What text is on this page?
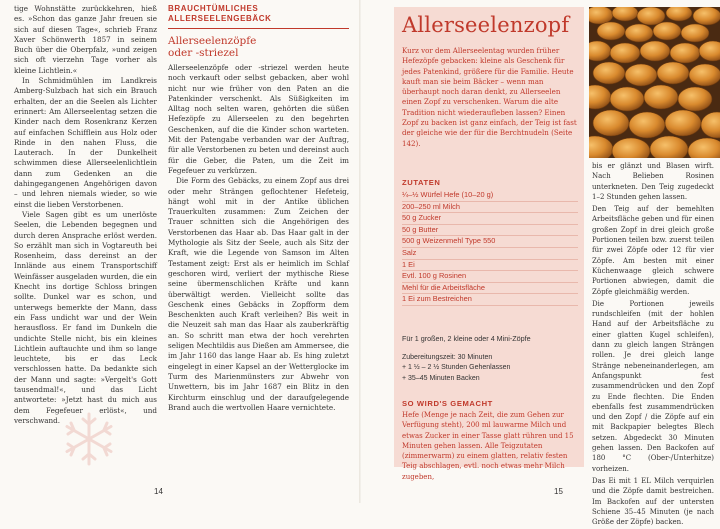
tige Wohnstätte zurückkehren, hieß es. »Schon das ganze Jahr freuen sie sich auf diesen Tage«, schrieb Franz Xaver Schönwerth 1857 in seinem Buch über die Oberpfalz, »und zeigen sich oft vierzehn Tage vorher als kleine Lichtlein.«

In Schmidmühlen im Landkreis Amberg-Sulzbach hat sich ein Brauch erhalten, der an die Seelen als Lichter erinnert: Am Allerseelentag setzen die Kinder nach dem Rosenkranz Kerzen auf einfachen Schifflein aus Holz oder Rinde in den nahen Fluss, die Lauterach. In der Dunkelheit schwimmen diese Allerseelenlichtlein dann zum Gedenken an die dahingegangenen Angehörigen davon – und lehren niemals wieder, so wie einst die lieben Verstorbenen.

Viele Sagen gibt es um unerlöste Seelen, die Lebenden begegnen und durch deren Ansprache erlöst werden. So erzählt man sich in Vogtareuth bei Rosenheim, dass dereinst an der Innlände aus einem Transportschiff Weinfässer ausgeladen wurden, die ein Knecht ins dortige Schloss bringen sollte. Dunkel war es schon, und unterwegs bemerkte der Mann, dass ein Fass undicht war und der Wein herausfloss. Er fand im Dunkeln die undichte Stelle nicht, bis ein kleines Lichtlein auftauchte und ihm so lange leuchtete, bis er das Leck verschlossen hatte. Da bedankte sich der Mann und sagte: »Vergelt's Gott tausendmal!«, und das Licht antwortete: »Jetzt hast du mich aus dem Fegefeuer erlöst«, und verschwand.

BRAUCHTÜMLICHES
ALLERSEELENGEBÄCK
Allerseelenzöpfe
oder -striezel

Allerseelenzöpfe oder -striezel werden heute noch verkauft oder selbst gebacken, aber wohl nicht nur wie früher von den Paten an die Patenkinder verschenkt. Als Süßigkeiten im Alltag noch selten waren, gehörten die süßen Hefezöpfe zu Allerseelen zu den begehrten Geschenken, auf die die Kinder schon warteten. Mit der Patengabe verbanden war der Auftrag, für alle Verstorbenen zu beten und dereinst auch für die Geber, die Paten, um die Zeit im Fegefeuer zu verkürzen.

Die Form des Gebäcks, zu einem Zopf aus drei oder mehr Strängen geflochtener Hefeteig, hängt wohl mit in der Antike üblichen Trauerkulten zusammen: Zum Zeichen der Trauer schnitten sich die Angehörigen des Verstorbenen das Haar ab. Das Haar galt in der Mythologie als Sitz der Seele, auch als Sitz der Kraft, wie die Legende von Samson im Alten Testament zeigt: Erst als er heimlich im Schlaf geschoren wird, verliert der mythische Riese seine übermenschlichen Kräfte und kann überwältigt werden. Vielleicht sollte das Geschenk eines Gebäcks in Zopfform dem Beschenkten auch Kraft verleihen? Bis weit in die Neuzeit sah man das Haar als zauberkräftig an. So schritt man etwa der hoch verehrten seligen Mechtildis aus Dießen am Ammersee, die im Jahr 1160 das lange Haar ab. Es hing zuletzt eingelegt in einer Kapsel an der Wetterglocke im Turm des Marienmünsters zur Abwehr von Unwettern, bis im Jahr 1687 ein Blitz in den Kirchturm einschlug und der daraufgelegende Brand auch die wertvollen Haare vernichtete.

14
Allerseelenzopf
Kurz vor dem Allerseelentag wurden früher Hefezöpfe gebacken: kleine als Geschenk für jedes Patenkind, größere für die Familie. Heute kauft man sie beim Bäcker – wenn man überhaupt noch daran denkt, zu Allerseelen einen Zopf zu verschenken. Warum die alte Tradition nicht wiederaufleben lassen? Einen Zopf zu backen ist ganz einfach, der Teig ist fast der gleiche wie der für die Berchtnudeln (Seite 142).
ZUTATEN
¼–½ Würfel Hefe (10–20 g)
200–250 ml Milch
50 g Zucker
50 g Butter
500 g Weizenmehl Type 550
Salz
1 Ei
Evtl. 100 g Rosinen
Mehl für die Arbeitsfläche
1 Ei zum Bestreichen
Für 1 großen, 2 kleine oder 4 Mini-Zöpfe
Zubereitungszeit: 30 Minuten
+ 1 ½ – 2 ½ Stunden Gehenlassen
+ 35–45 Minuten Backen
SO WIRD'S GEMACHT
Hefe (Menge je nach Zeit, die zum Gehen zur Verfügung steht), 200 ml lauwarme Milch und etwas Zucker in einer Tasse glatt rühren und 15 Minuten gehen lassen. Alle Teigzutaten (zimmerwarm) zu einem glatten, relativ festen Teig abschlagen, evtl. noch etwas mehr Milch zugeben,

bis er glänzt und Blasen wirft. Nach Belieben Rosinen unterkneten. Den Teig zugedeckt 1–2 Stunden gehen lassen.

Den Teig auf der bemehlten Arbeitsfläche geben und für einen großen Zopf in drei gleich große Portionen teilen bzw. zuerst teilen für zwei Zöpfe oder 12 für vier Zöpfe. Am besten mit einer Küchenwaage gleich schwere Portionen abwiegen, damit die Zöpfe gleichmäßig werden.

Die Portionen jeweils rundschleifen (mit der hohlen Hand auf der Arbeitsfläche zu einer glatten Kugel schleifen), dann zu gleich langen Strängen rollen. Je drei gleich lange Stränge nebeneinanderlegen, am Anfangspunkt fest zusammendrücken und den Zopf zu Ende flechten. Die Enden ebenfalls fest zusammendrücken und den Zopf / die Zöpfe auf ein mit Backpapier belegtes Blech setzen. Abgedeckt 30 Minuten gehen lassen. Den Backofen auf 180 °C (Ober-/Unterhitze) vorheizen.

Das Ei mit 1 EL Milch verquirlen und die Zöpfe damit bestreichen. Im Backofen auf der untersten Schiene 35–45 Minuten (je nach Größe der Zöpfe) backen.

15
